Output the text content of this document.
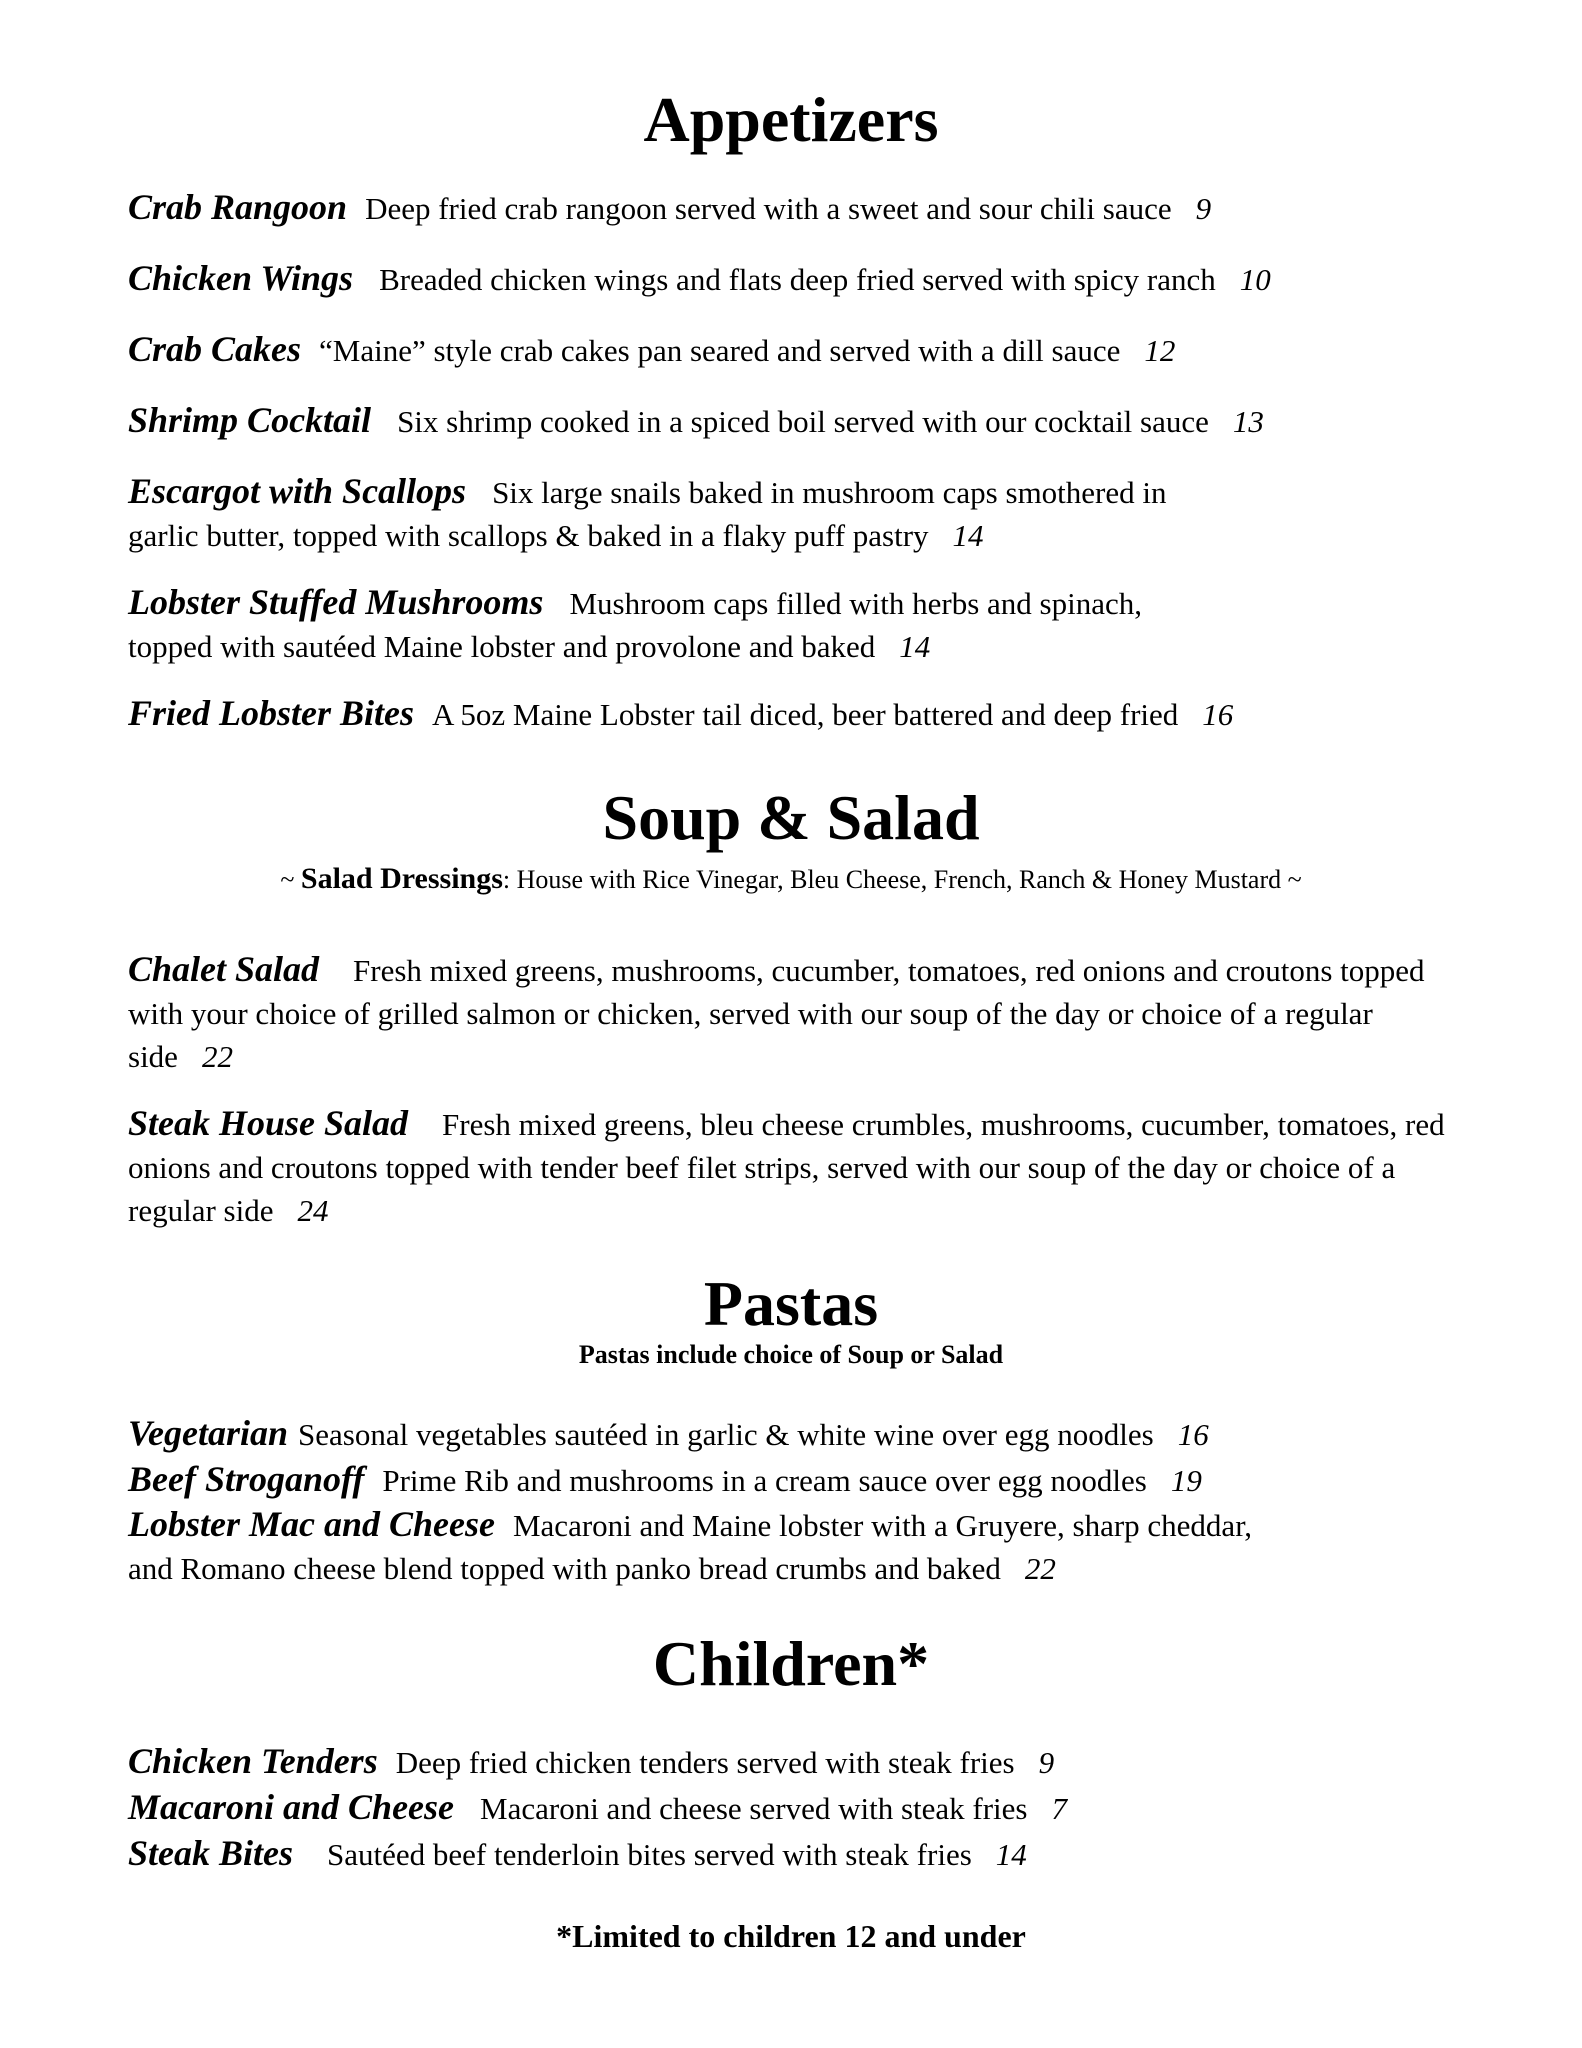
Appetizers
Crab Rangoon Deep fried crab rangoon served with a sweet and sour chili sauce 9
Chicken Wings Breaded chicken wings and flats deep fried served with spicy ranch 10
Crab Cakes “Maine” style crab cakes pan seared and served with a dill sauce 12
Shrimp Cocktail Six shrimp cooked in a spiced boil served with our cocktail sauce 13
Escargot with Scallops Six large snails baked in mushroom caps smothered in
garlic butter, topped with scallops & baked in a flaky puff pastry 14
Lobster Stuffed Mushrooms Mushroom caps filled with herbs and spinach,
topped with sautéed Maine lobster and provolone and baked 14
Fried Lobster Bites A 5oz Maine Lobster tail diced, beer battered and deep fried 16
Soup & Salad
~ Salad Dressings: House with Rice Vinegar, Bleu Cheese, French, Ranch & Honey Mustard ~
Chalet Salad Fresh mixed greens, mushrooms, cucumber, tomatoes, red onions and croutons topped with your choice of grilled salmon or chicken, served with our soup of the day or choice of a regular side 22
Steak House Salad Fresh mixed greens, bleu cheese crumbles, mushrooms, cucumber, tomatoes, red onions and croutons topped with tender beef filet strips, served with our soup of the day or choice of a regular side 24
Pastas
Pastas include choice of Soup or Salad
Vegetarian Seasonal vegetables sautéed in garlic & white wine over egg noodles 16
Beef Stroganoff Prime Rib and mushrooms in a cream sauce over egg noodles 19
Lobster Mac and Cheese Macaroni and Maine lobster with a Gruyere, sharp cheddar,
and Romano cheese blend topped with panko bread crumbs and baked 22
Children*
Chicken Tenders Deep fried chicken tenders served with steak fries 9
Macaroni and Cheese Macaroni and cheese served with steak fries 7
Steak Bites Sautéed beef tenderloin bites served with steak fries 14
*Limited to children 12 and under
